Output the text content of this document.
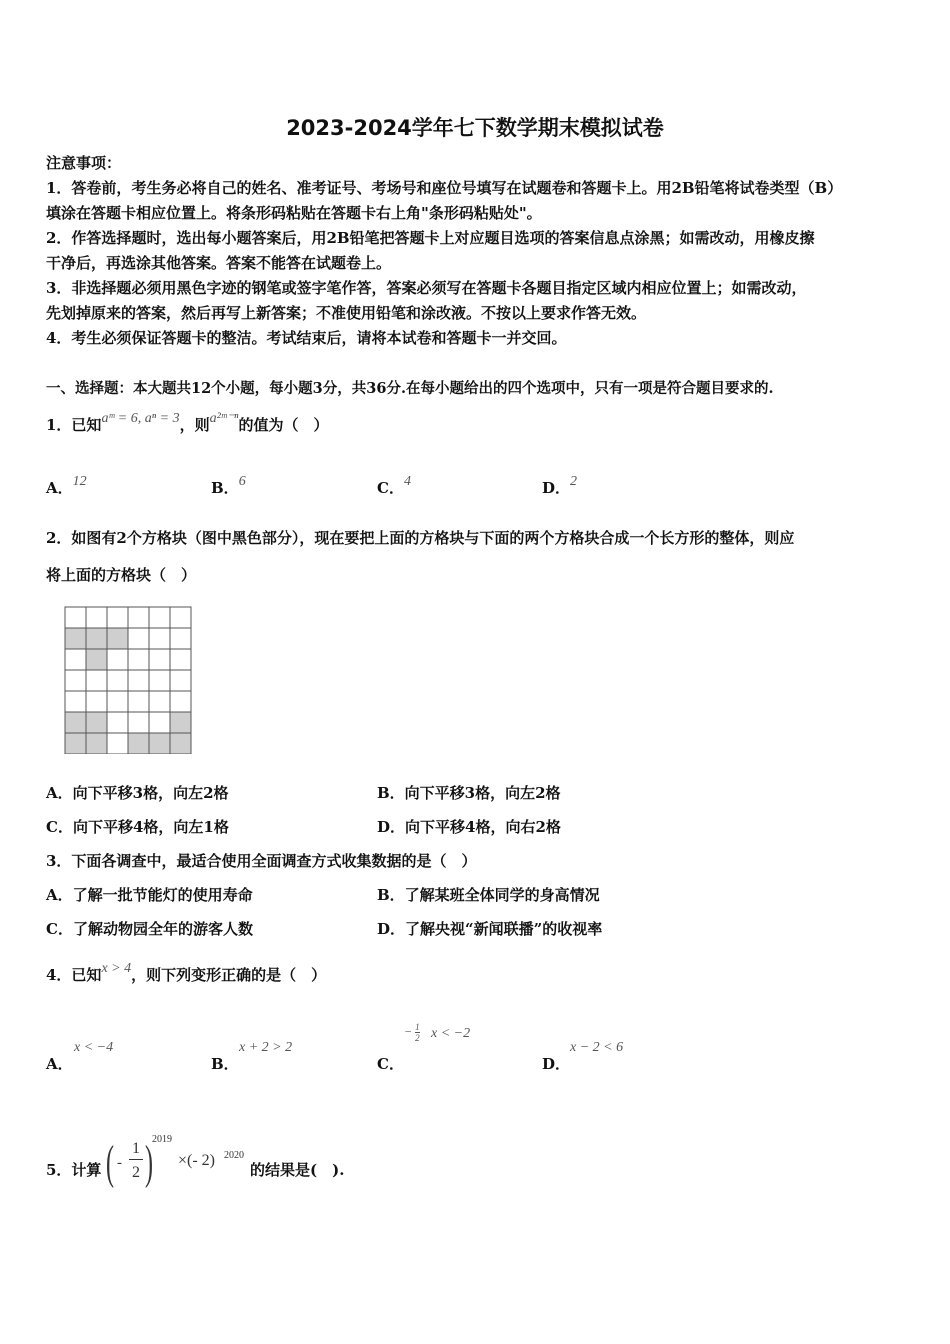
2023-2024学年七下数学期末模拟试卷
注意事项：
1．答卷前，考生务必将自己的姓名、准考证号、考场号和座位号填写在试题卷和答题卡上。用2B铅笔将试卷类型（B）
填涂在答题卡相应位置上。将条形码粘贴在答题卡右上角"条形码粘贴处"。
2．作答选择题时，选出每小题答案后，用2B铅笔把答题卡上对应题目选项的答案信息点涂黑；如需改动，用橡皮擦
干净后，再选涂其他答案。答案不能答在试题卷上。
3．非选择题必须用黑色字迹的钢笔或签字笔作答，答案必须写在答题卡各题目指定区域内相应位置上；如需改动，
先划掉原来的答案，然后再写上新答案；不准使用铅笔和涂改液。不按以上要求作答无效。
4．考生必须保证答题卡的整洁。考试结束后，请将本试卷和答题卡一并交回。
一、选择题：本大题共12个小题，每小题3分，共36分.在每小题给出的四个选项中，只有一项是符合题目要求的.
1．已知aᵐ = 6, aⁿ = 3，则a²ᵐ⁻ⁿ的值为（　）
A．12	B．6	C．4	D．2
2．如图有2个方格块（图中黑色部分），现在要把上面的方格块与下面的两个方格块合成一个长方形的整体，则应
将上面的方格块（　）
A．向下平移3格，向左2格	B．向下平移3格，向左2格
C．向下平移4格，向左1格	D．向下平移4格，向右2格
3．下面各调查中，最适合使用全面调查方式收集数据的是（　）
A．了解一批节能灯的使用寿命	B．了解某班全体同学的身高情况
C．了解动物园全年的游客人数	D．了解央视“新闻联播”的收视率
4．已知x > 4，则下列变形正确的是（　）
A．
x < −4
B．
x + 2 > 2
C．
− $\frac{1}{2}$ x < −2
D．
x − 2 < 6
5．计算 ( -
1
2 ) 2019
×(- 2) 2020
的结果是(　).
